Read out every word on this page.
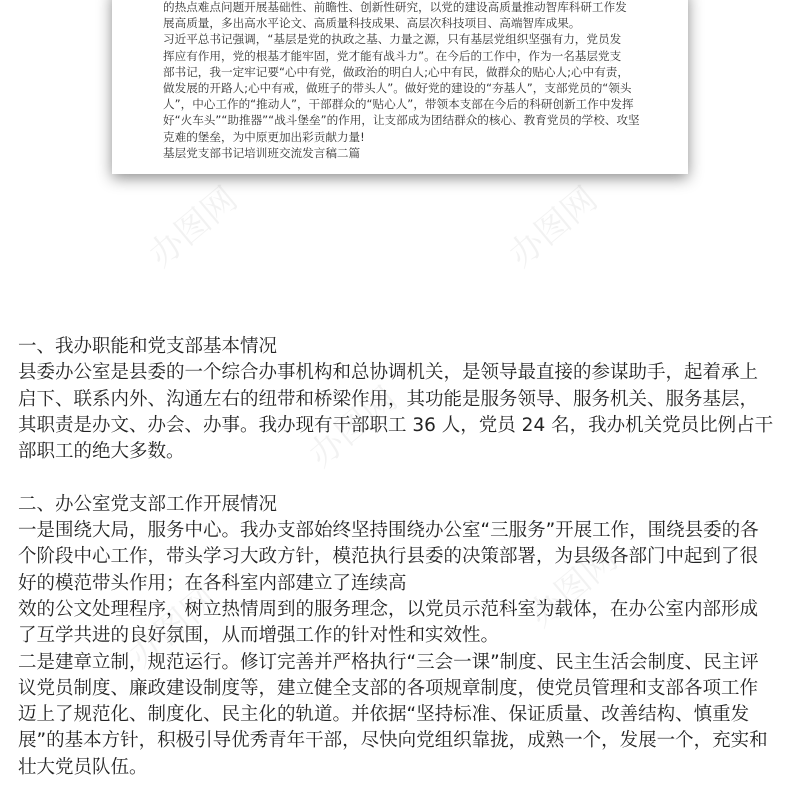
的热点难点问题开展基础性、前瞻性、创新性研究，以党的建设高质量推动智库科研工作发
展高质量，多出高水平论文、高质量科技成果、高层次科技项目、高端智库成果。
习近平总书记强调，“基层是党的执政之基、力量之源，只有基层党组织坚强有力，党员发
挥应有作用，党的根基才能牢固，党才能有战斗力”。在今后的工作中，作为一名基层党支
部书记，我一定牢记要“心中有党，做政治的明白人;心中有民，做群众的贴心人;心中有责，
做发展的开路人;心中有戒，做班子的带头人”。做好党的建设的“夯基人”，支部党员的“领头
人”，中心工作的“推动人”，干部群众的“贴心人”，带领本支部在今后的科研创新工作中发挥
好“火车头”“助推器”“战斗堡垒”的作用，让支部成为团结群众的核心、教育党员的学校、攻坚
克难的堡垒，为中原更加出彩贡献力量!
基层党支部书记培训班交流发言稿二篇
办图网	办图网
办图网
办图网
办图网
一、我办职能和党支部基本情况
县委办公室是县委的一个综合办事机构和总协调机关，是领导最直接的参谋助手，起着承上
启下、联系内外、沟通左右的纽带和桥梁作用，其功能是服务领导、服务机关、服务基层，
其职责是办文、办会、办事。我办现有干部职工 36 人，党员 24 名，我办机关党员比例占干
部职工的绝大多数。
二、办公室党支部工作开展情况
一是围绕大局，服务中心。我办支部始终坚持围绕办公室“三服务”开展工作，围绕县委的各
个阶段中心工作，带头学习大政方针，模范执行县委的决策部署，为县级各部门中起到了很
好的模范带头作用；在各科室内部建立了连续高
效的公文处理程序，树立热情周到的服务理念，以党员示范科室为载体，在办公室内部形成
了互学共进的良好氛围，从而增强工作的针对性和实效性。
二是建章立制，规范运行。修订完善并严格执行“三会一课”制度、民主生活会制度、民主评
议党员制度、廉政建设制度等，建立健全支部的各项规章制度，使党员管理和支部各项工作
迈上了规范化、制度化、民主化的轨道。并依据“坚持标准、保证质量、改善结构、慎重发
展”的基本方针，积极引导优秀青年干部，尽快向党组织靠拢，成熟一个，发展一个，充实和
壮大党员队伍。
